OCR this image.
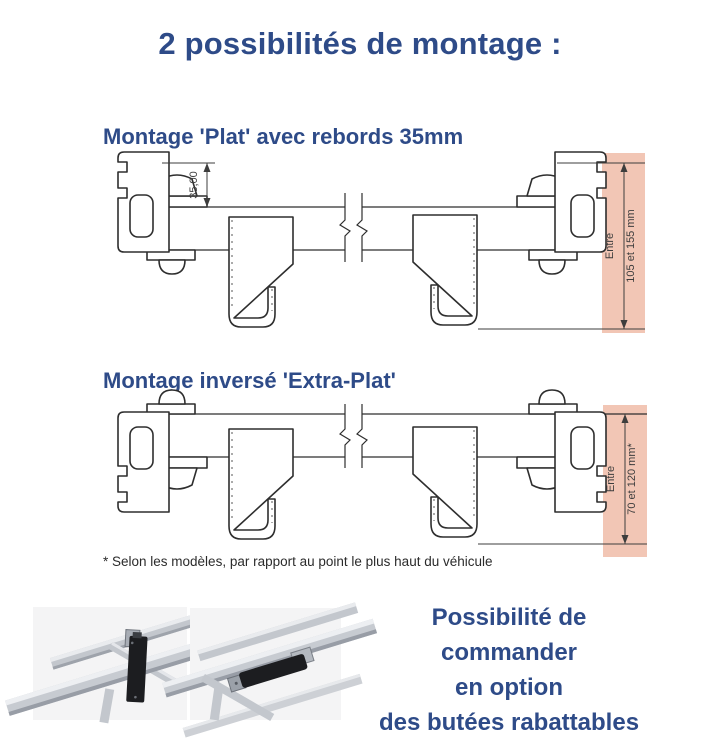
2 possibilités de montage :
Montage 'Plat' avec rebords 35mm
35,00
Entre 105 et 155 mm
Montage inversé 'Extra-Plat'
Entre 70 et 120 mm*
* Selon les modèles, par rapport au point le plus haut du véhicule
Possibilité de commander
en option
des butées rabattables
